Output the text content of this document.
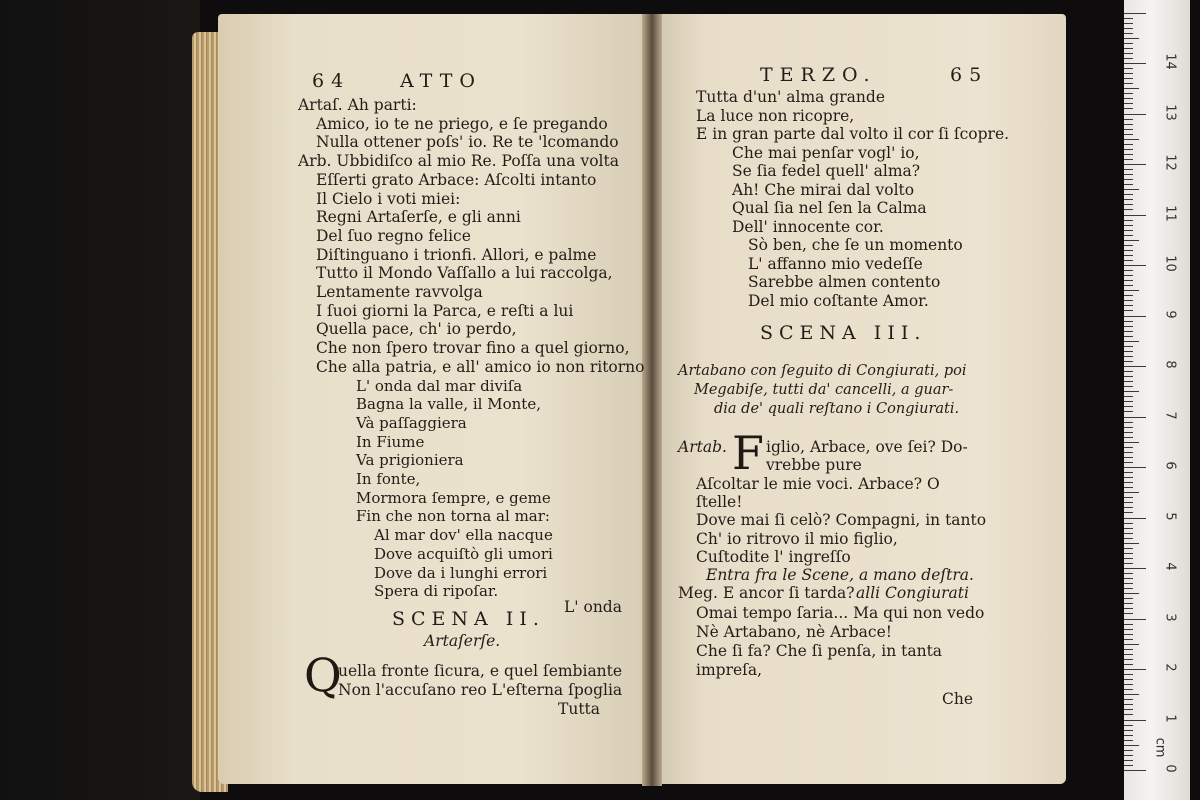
64	ATTO
Artaſ. Ah parti:
Amico, io te ne priego, e ſe pregando
Nulla ottener poſs' io. Re te 'lcomando
Arb. Ubbidiſco al mio Re. Poſſa una volta
Eſſerti grato Arbace: Aſcolti intanto
Il Cielo i voti miei:
Regni Artaſerſe, e gli anni
Del ſuo regno felice
Diſtinguano i trionfi. Allori, e palme
Tutto il Mondo Vaſſallo a lui raccolga,
Lentamente ravvolga
I ſuoi giorni la Parca, e reſti a lui
Quella pace, ch' io perdo,
Che non ſpero trovar fino a quel giorno,
Che alla patria, e all' amico io non ritorno
L' onda dal mar diviſa
Bagna la valle, il Monte,
Và paſſaggiera
In Fiume
Va prigioniera
In fonte,
Mormora ſempre, e geme
Fin che non torna al mar:
Al mar dov' ella nacque
Dove acquiſtò gli umori
Dove da i lunghi errori
Spera di ripoſar.
L' onda
SCENA II.
Artaſerſe.
Q
uella fronte ſicura, e quel ſembiante
Non l'accuſano reo L'eſterna ſpoglia
Tutta
TERZO.	65
Tutta d'un' alma grande
La luce non ricopre,
E in gran parte dal volto il cor ſi ſcopre.
Che mai penſar vogl' io,
Se ſia fedel quell' alma?
Ah! Che mirai dal volto
Qual ſia nel ſen la Calma
Dell' innocente cor.
Sò ben, che ſe un momento
L' affanno mio vedeſſe
Sarebbe almen contento
Del mio coſtante Amor.
SCENA III.
Artabano con ſeguito di Congiurati, poi
Megabiſe, tutti da' cancelli, a guar-
dia de' quali reſtano i Congiurati.
Artab. F iglio, Arbace, ove ſei? Do-
vrebbe pure
Aſcoltar le mie voci. Arbace? O
ſtelle!
Dove mai ſi celò? Compagni, in tanto
Ch' io ritrovo il mio figlio,
Cuſtodite l' ingreſſo
Entra fra le Scene, a mano deſtra.
Meg. E ancor ſi tarda? alli Congiurati
Omai tempo ſaria... Ma qui non vedo
Nè Artabano, nè Arbace!
Che ſi fa? Che ſi penſa, in tanta
impreſa,
Che
0
1
2
3
4
5
6
7
8
9
10
11
12
13
14
cm
